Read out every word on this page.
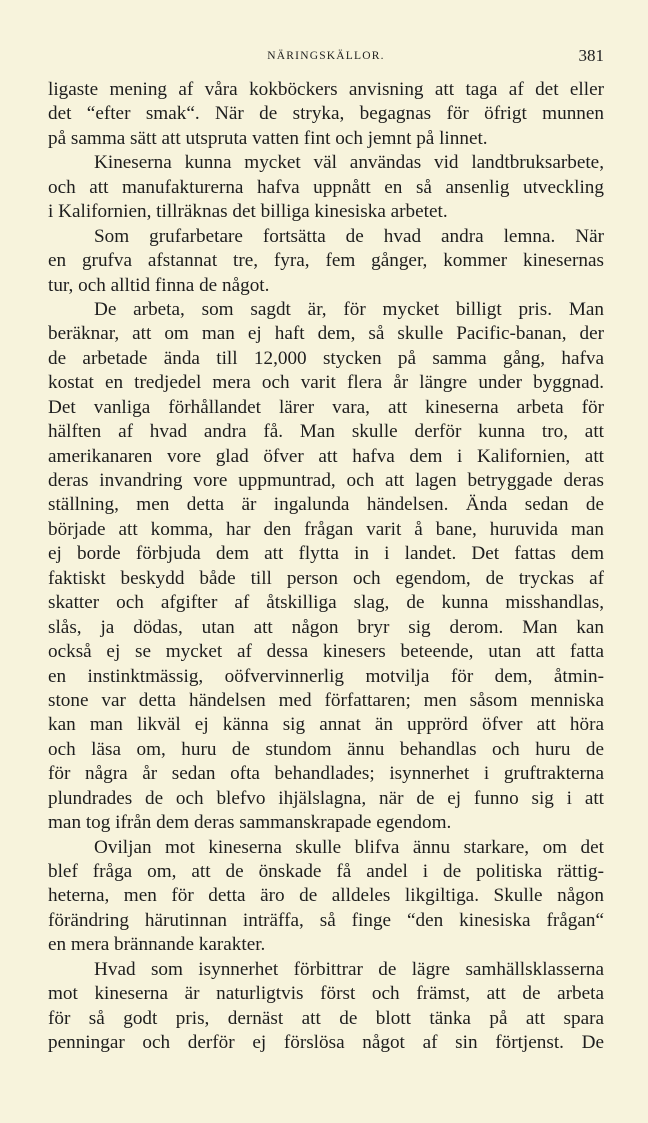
NÄRINGSKÄLLOR.	381

ligaste mening af våra kokböckers anvisning att taga af det eller
det “efter smak“. När de stryka, begagnas för öfrigt munnen
på samma sätt att utspruta vatten fint och jemnt på linnet.

Kineserna kunna mycket väl användas vid landtbruksarbete,
och att manufakturerna hafva uppnått en så ansenlig utveckling
i Kalifornien, tillräknas det billiga kinesiska arbetet.

Som grufarbetare fortsätta de hvad andra lemna. När
en grufva afstannat tre, fyra, fem gånger, kommer kinesernas
tur, och alltid finna de något.

De arbeta, som sagdt är, för mycket billigt pris. Man
beräknar, att om man ej haft dem, så skulle Pacific-banan, der
de arbetade ända till 12,000 stycken på samma gång, hafva
kostat en tredjedel mera och varit flera år längre under byggnad.
Det vanliga förhållandet lärer vara, att kineserna arbeta för
hälften af hvad andra få. Man skulle derför kunna tro, att
amerikanaren vore glad öfver att hafva dem i Kalifornien, att
deras invandring vore uppmuntrad, och att lagen betryggade deras
ställning, men detta är ingalunda händelsen. Ända sedan de
började att komma, har den frågan varit å bane, huruvida man
ej borde förbjuda dem att flytta in i landet. Det fattas dem
faktiskt beskydd både till person och egendom, de tryckas af
skatter och afgifter af åtskilliga slag, de kunna misshandlas,
slås, ja dödas, utan att någon bryr sig derom. Man kan
också ej se mycket af dessa kinesers beteende, utan att fatta
en instinktmässig, oöfvervinnerlig motvilja för dem, åtmin-
stone var detta händelsen med författaren; men såsom menniska
kan man likväl ej känna sig annat än upprörd öfver att höra
och läsa om, huru de stundom ännu behandlas och huru de
för några år sedan ofta behandlades; isynnerhet i gruftrakterna
plundrades de och blefvo ihjälslagna, när de ej funno sig i att
man tog ifrån dem deras sammanskrapade egendom.

Oviljan mot kineserna skulle blifva ännu starkare, om det
blef fråga om, att de önskade få andel i de politiska rättig-
heterna, men för detta äro de alldeles likgiltiga. Skulle någon
förändring härutinnan inträffa, så finge “den kinesiska frågan“
en mera brännande karakter.

Hvad som isynnerhet förbittrar de lägre samhällsklasserna
mot kineserna är naturligtvis först och främst, att de arbeta
för så godt pris, dernäst att de blott tänka på att spara
penningar och derför ej förslösa något af sin förtjenst. De
